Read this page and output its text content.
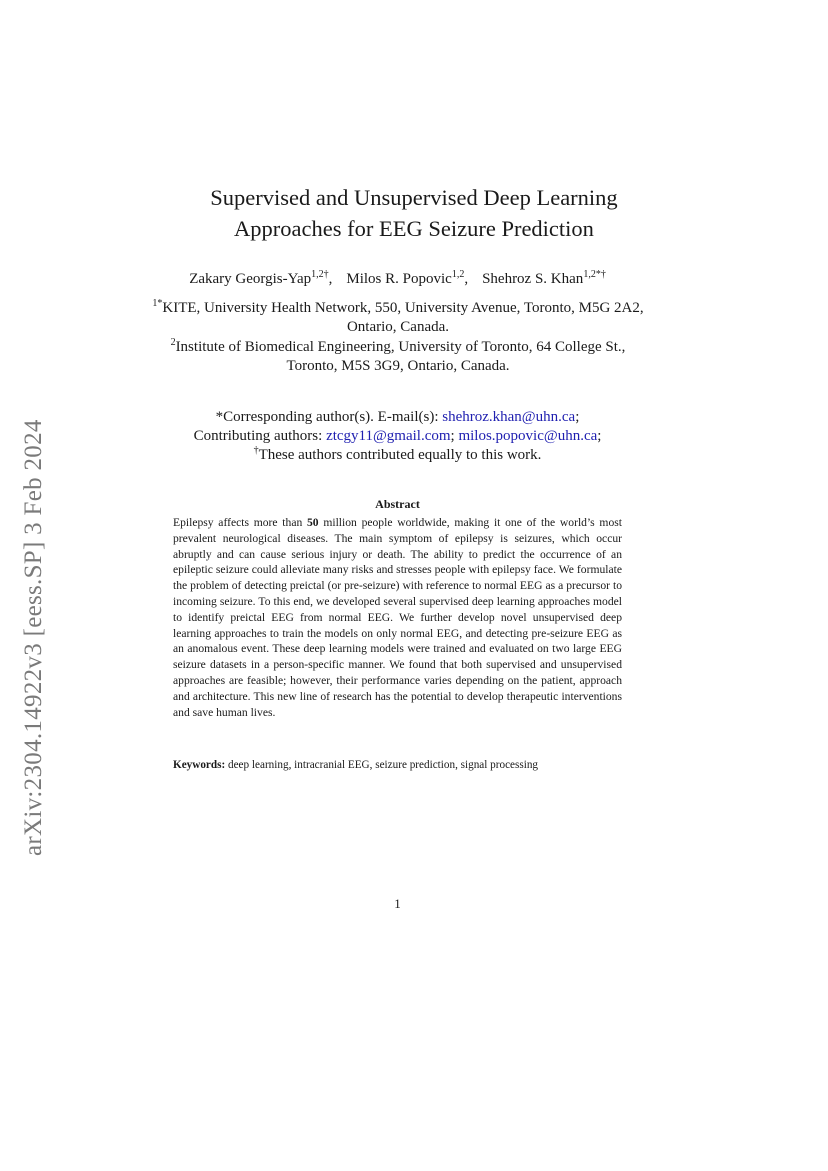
arXiv:2304.14922v3 [eess.SP] 3 Feb 2024
Supervised and Unsupervised Deep Learning
Approaches for EEG Seizure Prediction
Zakary Georgis-Yap$^{1,2\dagger}$, Milos R. Popovic$^{1,2}$, Shehroz S. Khan$^{1,2*\dagger}$
$^{1*}$KITE, University Health Network, 550, University Avenue, Toronto, M5G 2A2, Ontario, Canada.
$^2$Institute of Biomedical Engineering, University of Toronto, 64 College St., Toronto, M5S 3G9, Ontario, Canada.
*Corresponding author(s). E-mail(s): shehroz.khan@uhn.ca;
Contributing authors: ztcgy11@gmail.com; milos.popovic@uhn.ca;
†These authors contributed equally to this work.
Abstract

Epilepsy affects more than 50 million people worldwide, making it one of the world’s most prevalent neurological diseases. The main symptom of epilepsy is seizures, which occur abruptly and can cause serious injury or death. The ability to predict the occurrence of an epileptic seizure could alleviate many risks and stresses people with epilepsy face. We formulate the problem of detecting preictal (or pre-seizure) with reference to normal EEG as a precursor to incoming seizure. To this end, we developed several supervised deep learning approaches model to identify preictal EEG from normal EEG. We further develop novel unsupervised deep learning approaches to train the models on only normal EEG, and detecting pre-seizure EEG as an anomalous event. These deep learning models were trained and evaluated on two large EEG seizure datasets in a person-specific manner. We found that both supervised and unsupervised approaches are feasible; however, their performance varies depending on the patient, approach and architecture. This new line of research has the potential to develop therapeutic interventions and save human lives.

Keywords: deep learning, intracranial EEG, seizure prediction, signal processing

1
